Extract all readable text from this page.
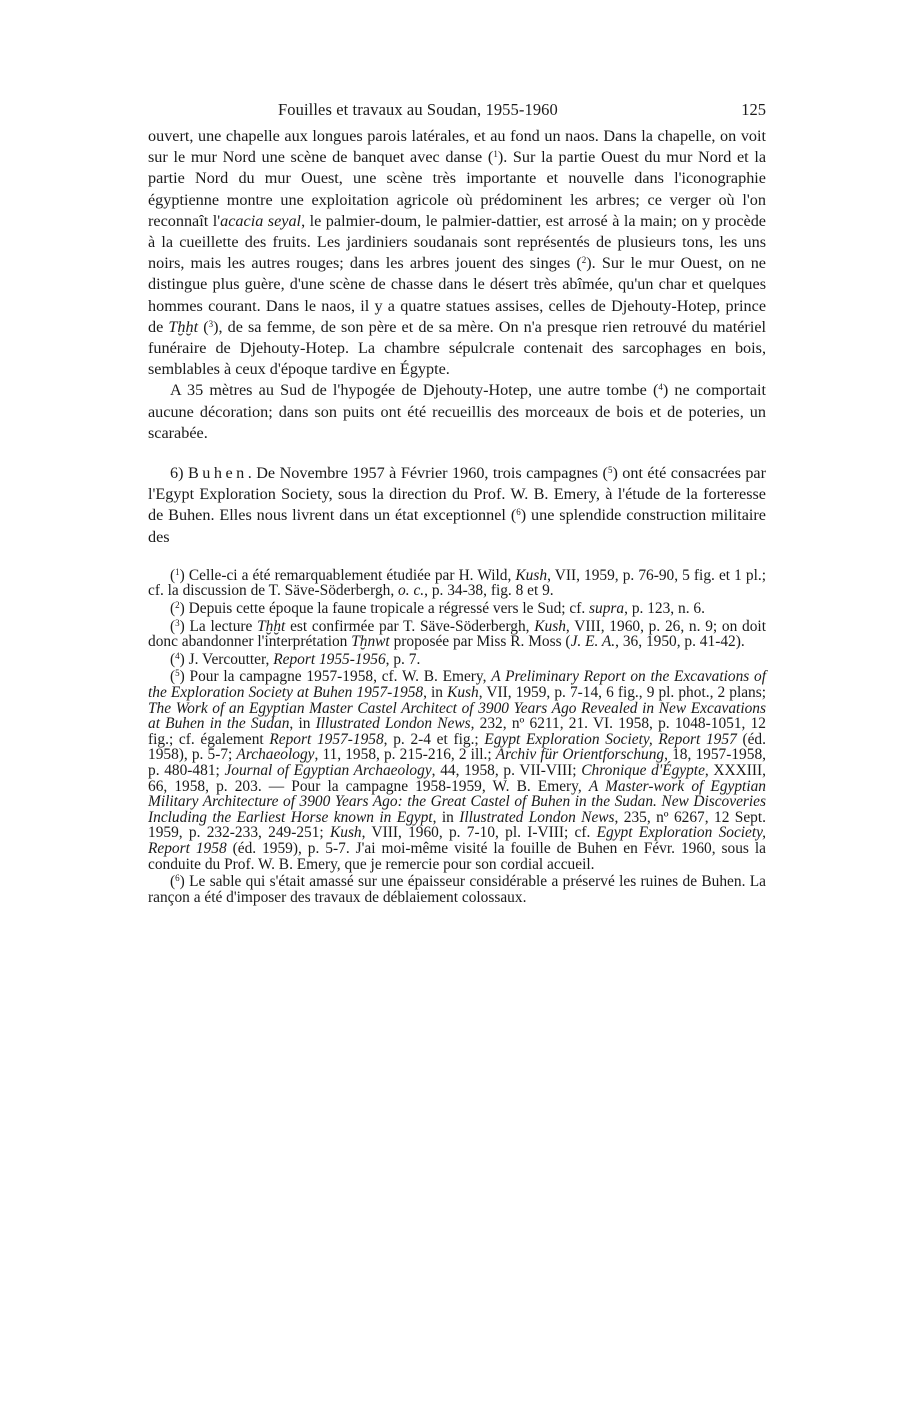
Fouilles et travaux au Soudan, 1955-1960	125

ouvert, une chapelle aux longues parois latérales, et au fond un naos. Dans la chapelle, on voit sur le mur Nord une scène de banquet avec danse ($^1$). Sur la partie Ouest du mur Nord et la partie Nord du mur Ouest, une scène très importante et nouvelle dans l'iconographie égyptienne montre une exploitation agricole où prédominent les arbres; ce verger où l'on reconnaît l'acacia seyal, le palmier-doum, le palmier-dattier, est arrosé à la main; on y procède à la cueillette des fruits. Les jardiniers soudanais sont représentés de plusieurs tons, les uns noirs, mais les autres rouges; dans les arbres jouent des singes ($^2$). Sur le mur Ouest, on ne distingue plus guère, d'une scène de chasse dans le désert très abîmée, qu'un char et quelques hommes courant. Dans le naos, il y a quatre statues assises, celles de Djehouty-Hotep, prince de Tḫḫt ($^3$), de sa femme, de son père et de sa mère. On n'a presque rien retrouvé du matériel funéraire de Djehouty-Hotep. La chambre sépulcrale contenait des sarcophages en bois, semblables à ceux d'époque tardive en Égypte.

A 35 mètres au Sud de l'hypogée de Djehouty-Hotep, une autre tombe ($^4$) ne comportait aucune décoration; dans son puits ont été recueillis des morceaux de bois et de poteries, un scarabée.

6) Buhen. De Novembre 1957 à Février 1960, trois campagnes ($^5$) ont été consacrées par l'Egypt Exploration Society, sous la direction du Prof. W. B. Emery, à l'étude de la forteresse de Buhen. Elles nous livrent dans un état exceptionnel ($^6$) une splendide construction militaire des

($^1$) Celle-ci a été remarquablement étudiée par H. Wild, Kush, VII, 1959, p. 76-90, 5 fig. et 1 pl.; cf. la discussion de T. Säve-Söderbergh, o. c., p. 34-38, fig. 8 et 9.

($^2$) Depuis cette époque la faune tropicale a régressé vers le Sud; cf. supra, p. 123, n. 6.

($^3$) La lecture Tḫḫt est confirmée par T. Säve-Söderbergh, Kush, VIII, 1960, p. 26, n. 9; on doit donc abandonner l'interprétation Tḫnwt proposée par Miss R. Moss (J. E. A., 36, 1950, p. 41-42).

($^4$) J. Vercoutter, Report 1955-1956, p. 7.

($^5$) Pour la campagne 1957-1958, cf. W. B. Emery, A Preliminary Report on the Excavations of the Exploration Society at Buhen 1957-1958, in Kush, VII, 1959, p. 7-14, 6 fig., 9 pl. phot., 2 plans; The Work of an Egyptian Master Castel Architect of 3900 Years Ago Revealed in New Excavations at Buhen in the Sudan, in Illustrated London News, 232, nº 6211, 21. VI. 1958, p. 1048-1051, 12 fig.; cf. également Report 1957-1958, p. 2-4 et fig.; Egypt Exploration Society, Report 1957 (éd. 1958), p. 5-7; Archaeology, 11, 1958, p. 215-216, 2 ill.; Archiv für Orientforschung, 18, 1957-1958, p. 480-481; Journal of Egyptian Archaeology, 44, 1958, p. VII-VIII; Chronique d'Égypte, XXXIII, 66, 1958, p. 203. — Pour la campagne 1958-1959, W. B. Emery, A Master-work of Egyptian Military Architecture of 3900 Years Ago: the Great Castel of Buhen in the Sudan. New Discoveries Including the Earliest Horse known in Egypt, in Illustrated London News, 235, nº 6267, 12 Sept. 1959, p. 232-233, 249-251; Kush, VIII, 1960, p. 7-10, pl. I-VIII; cf. Egypt Exploration Society, Report 1958 (éd. 1959), p. 5-7. J'ai moi-même visité la fouille de Buhen en Févr. 1960, sous la conduite du Prof. W. B. Emery, que je remercie pour son cordial accueil.

($^6$) Le sable qui s'était amassé sur une épaisseur considérable a préservé les ruines de Buhen. La rançon a été d'imposer des travaux de déblaiement colossaux.
